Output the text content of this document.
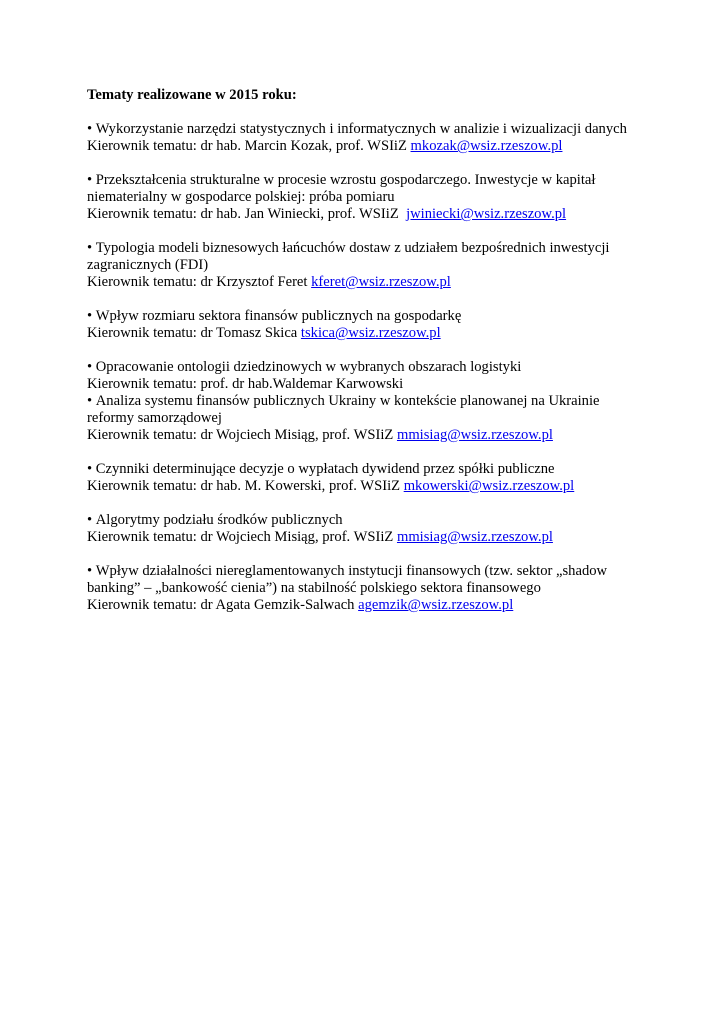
Tematy realizowane w 2015 roku:
• Wykorzystanie narzędzi statystycznych i informatycznych w analizie i wizualizacji danych
Kierownik tematu: dr hab. Marcin Kozak, prof. WSIiZ mkozak@wsiz.rzeszow.pl
• Przekształcenia strukturalne w procesie wzrostu gospodarczego. Inwestycje w kapitał
niematerialny w gospodarce polskiej: próba pomiaru
Kierownik tematu: dr hab. Jan Winiecki, prof. WSIiZ  jwiniecki@wsiz.rzeszow.pl
• Typologia modeli biznesowych łańcuchów dostaw z udziałem bezpośrednich inwestycji
zagranicznych (FDI)
Kierownik tematu: dr Krzysztof Feret kferet@wsiz.rzeszow.pl
• Wpływ rozmiaru sektora finansów publicznych na gospodarkę
Kierownik tematu: dr Tomasz Skica tskica@wsiz.rzeszow.pl
• Opracowanie ontologii dziedzinowych w wybranych obszarach logistyki
Kierownik tematu: prof. dr hab.Waldemar Karwowski
• Analiza systemu finansów publicznych Ukrainy w kontekście planowanej na Ukrainie
reformy samorządowej
Kierownik tematu: dr Wojciech Misiąg, prof. WSIiZ mmisiag@wsiz.rzeszow.pl
• Czynniki determinujące decyzje o wypłatach dywidend przez spółki publiczne
Kierownik tematu: dr hab. M. Kowerski, prof. WSIiZ mkowerski@wsiz.rzeszow.pl
• Algorytmy podziału środków publicznych
Kierownik tematu: dr Wojciech Misiąg, prof. WSIiZ mmisiag@wsiz.rzeszow.pl
• Wpływ działalności niereglamentowanych instytucji finansowych (tzw. sektor „shadow
banking” – „bankowość cienia”) na stabilność polskiego sektora finansowego
Kierownik tematu: dr Agata Gemzik-Salwach agemzik@wsiz.rzeszow.pl
